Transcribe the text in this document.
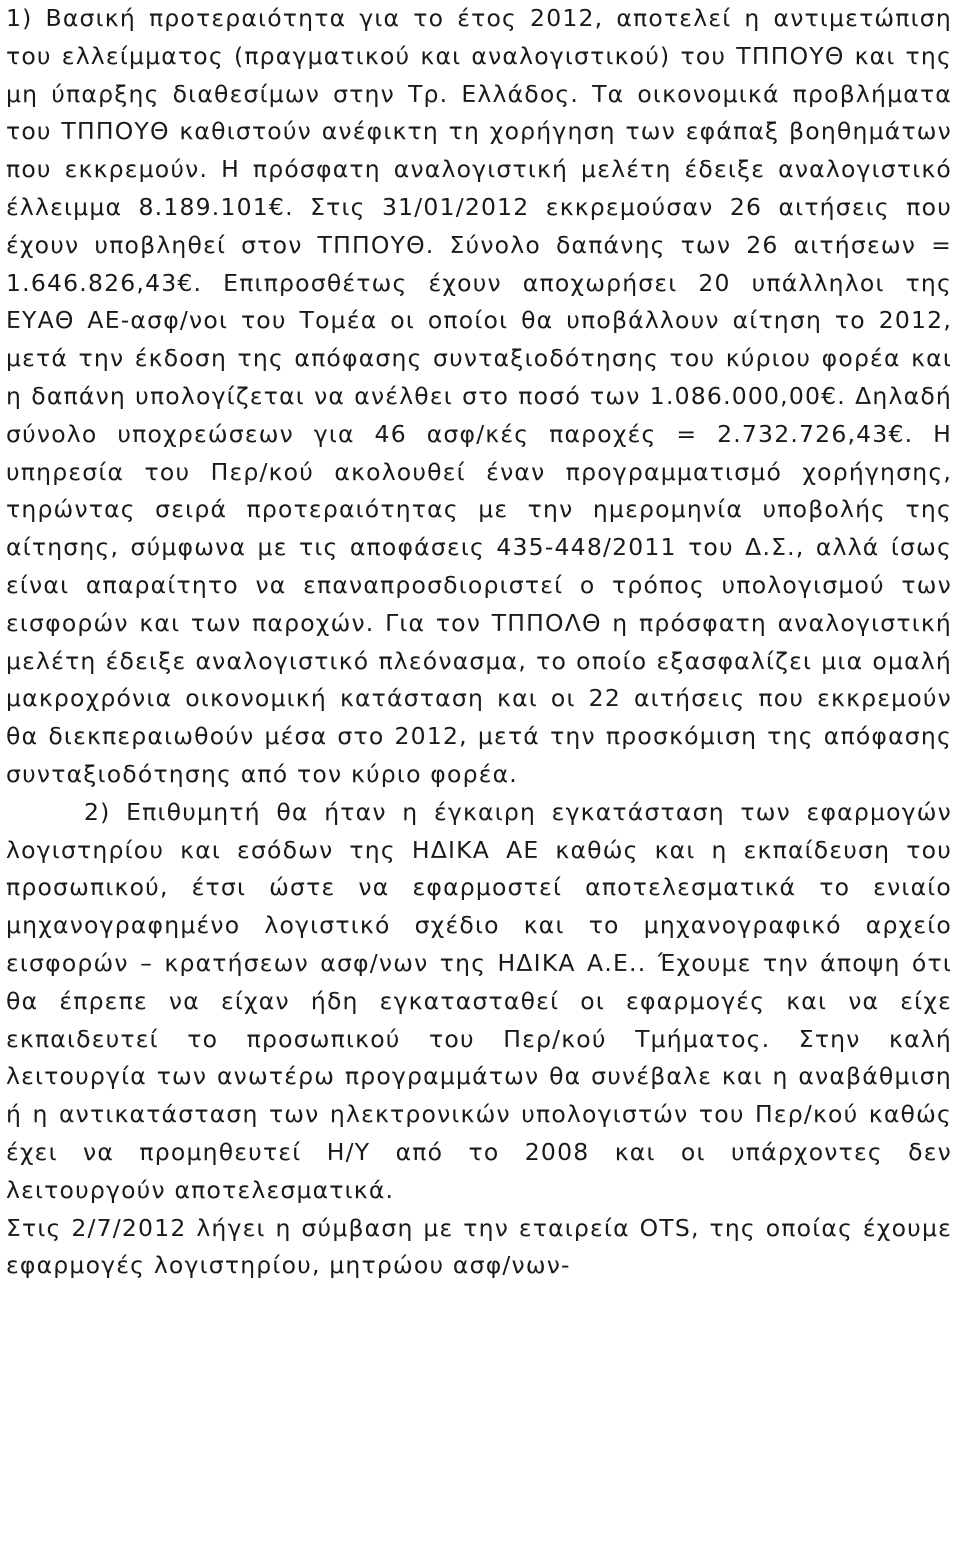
1) Βασική προτεραιότητα για το έτος 2012, αποτελεί η αντιμετώπιση του ελλείμματος (πραγματικού και αναλογιστικού) του ΤΠΠΟΥΘ και της μη ύπαρξης διαθεσίμων στην Τρ. Ελλάδος. Τα οικονομικά προβλήματα του ΤΠΠΟΥΘ καθιστούν ανέφικτη τη χορήγηση των εφάπαξ βοηθημάτων που εκκρεμούν. Η πρόσφατη αναλογιστική μελέτη έδειξε αναλογιστικό έλλειμμα 8.189.101€. Στις 31/01/2012 εκκρεμούσαν 26 αιτήσεις που έχουν υποβληθεί στον ΤΠΠΟΥΘ. Σύνολο δαπάνης των 26 αιτήσεων = 1.646.826,43€. Επιπροσθέτως έχουν αποχωρήσει 20 υπάλληλοι της ΕΥΑΘ ΑΕ-ασφ/νοι του Τομέα οι οποίοι θα υποβάλλουν αίτηση το 2012, μετά την έκδοση της απόφασης συνταξιοδότησης του κύριου φορέα και η δαπάνη υπολογίζεται να ανέλθει στο ποσό των 1.086.000,00€. Δηλαδή σύνολο υποχρεώσεων για 46 ασφ/κές παροχές = 2.732.726,43€. Η υπηρεσία του Περ/κού ακολουθεί έναν προγραμματισμό χορήγησης, τηρώντας σειρά προτεραιότητας με την ημερομηνία υποβολής της αίτησης, σύμφωνα με τις αποφάσεις 435-448/2011 του Δ.Σ., αλλά ίσως είναι απαραίτητο να επαναπροσδιοριστεί ο τρόπος υπολογισμού των εισφορών και των παροχών. Για τον ΤΠΠΟΛΘ η πρόσφατη αναλογιστική μελέτη έδειξε αναλογιστικό πλεόνασμα, το οποίο εξασφαλίζει μια ομαλή μακροχρόνια οικονομική κατάσταση και οι 22 αιτήσεις που εκκρεμούν θα διεκπεραιωθούν μέσα στο 2012, μετά την προσκόμιση της απόφασης συνταξιοδότησης από τον κύριο φορέα.

2) Επιθυμητή θα ήταν η έγκαιρη εγκατάσταση των εφαρμογών λογιστηρίου και εσόδων της ΗΔΙΚΑ ΑΕ καθώς και η εκπαίδευση του προσωπικού, έτσι ώστε να εφαρμοστεί αποτελεσματικά το ενιαίο μηχανογραφημένο λογιστικό σχέδιο και το μηχανογραφικό αρχείο εισφορών – κρατήσεων ασφ/νων της ΗΔΙΚΑ Α.Ε.. Έχουμε την άποψη ότι θα έπρεπε να είχαν ήδη εγκατασταθεί οι εφαρμογές και να είχε εκπαιδευτεί το προσωπικού του Περ/κού Τμήματος. Στην καλή λειτουργία των ανωτέρω προγραμμάτων θα συνέβαλε και η αναβάθμιση ή η αντικατάσταση των ηλεκτρονικών υπολογιστών του Περ/κού καθώς έχει να προμηθευτεί Η/Υ από το 2008 και οι υπάρχοντες δεν λειτουργούν αποτελεσματικά.

Στις 2/7/2012 λήγει η σύμβαση με την εταιρεία OTS, της οποίας έχουμε εφαρμογές λογιστηρίου, μητρώου ασφ/νων-
